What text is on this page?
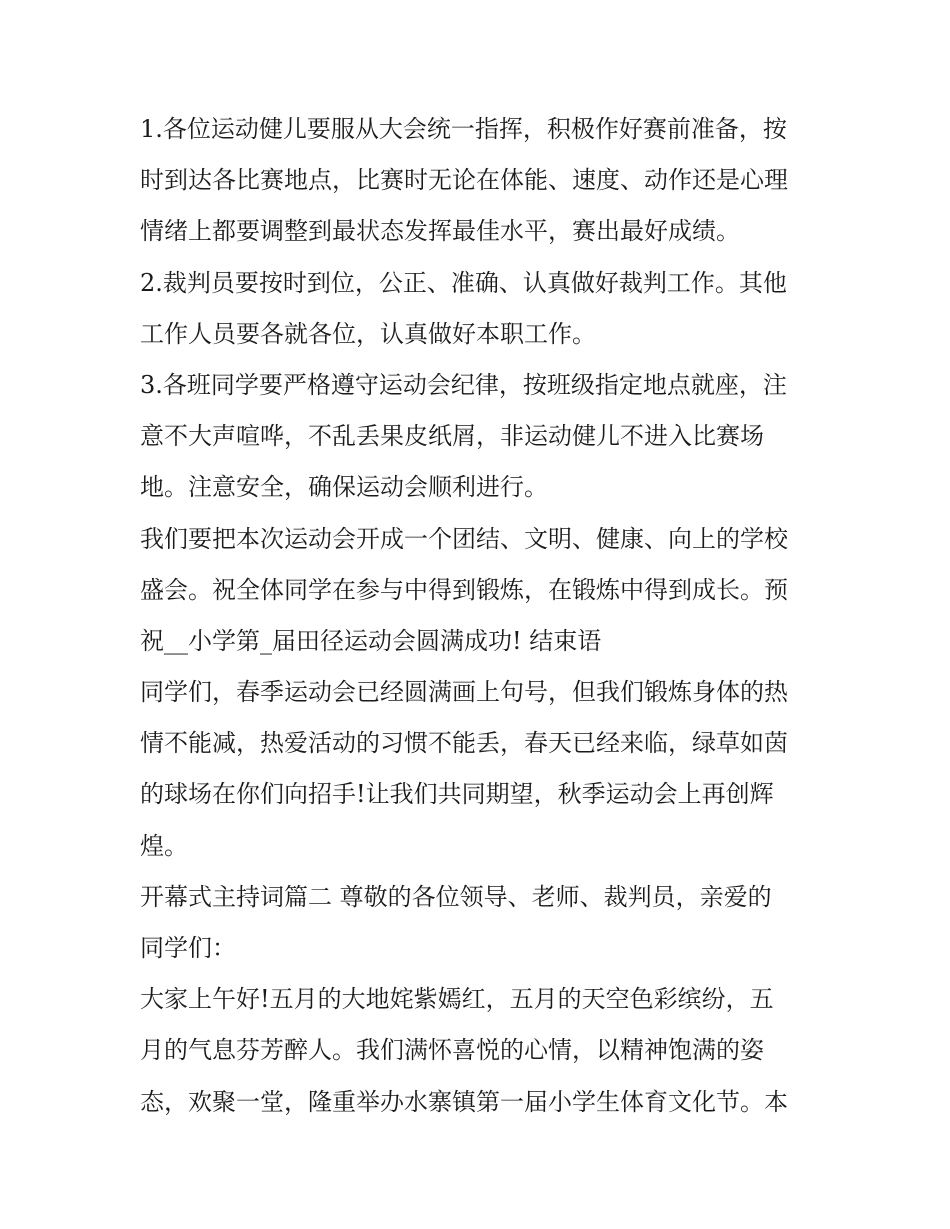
1.各位运动健儿要服从大会统一指挥，积极作好赛前准备，按
时到达各比赛地点，比赛时无论在体能、速度、动作还是心理
情绪上都要调整到最状态发挥最佳水平，赛出最好成绩。
2.裁判员要按时到位，公正、准确、认真做好裁判工作。其他
工作人员要各就各位，认真做好本职工作。
3.各班同学要严格遵守运动会纪律，按班级指定地点就座，注
意不大声喧哗，不乱丢果皮纸屑，非运动健儿不进入比赛场
地。注意安全，确保运动会顺利进行。
我们要把本次运动会开成一个团结、文明、健康、向上的学校
盛会。祝全体同学在参与中得到锻炼，在锻炼中得到成长。预
祝__小学第_届田径运动会圆满成功! 结束语
同学们，春季运动会已经圆满画上句号，但我们锻炼身体的热
情不能减，热爱活动的习惯不能丢，春天已经来临，绿草如茵
的球场在你们向招手!让我们共同期望，秋季运动会上再创辉
煌。
开幕式主持词篇二 尊敬的各位领导、老师、裁判员，亲爱的
同学们：
大家上午好!五月的大地姹紫嫣红，五月的天空色彩缤纷，五
月的气息芬芳醉人。我们满怀喜悦的心情，以精神饱满的姿
态，欢聚一堂，隆重举办水寨镇第一届小学生体育文化节。本
